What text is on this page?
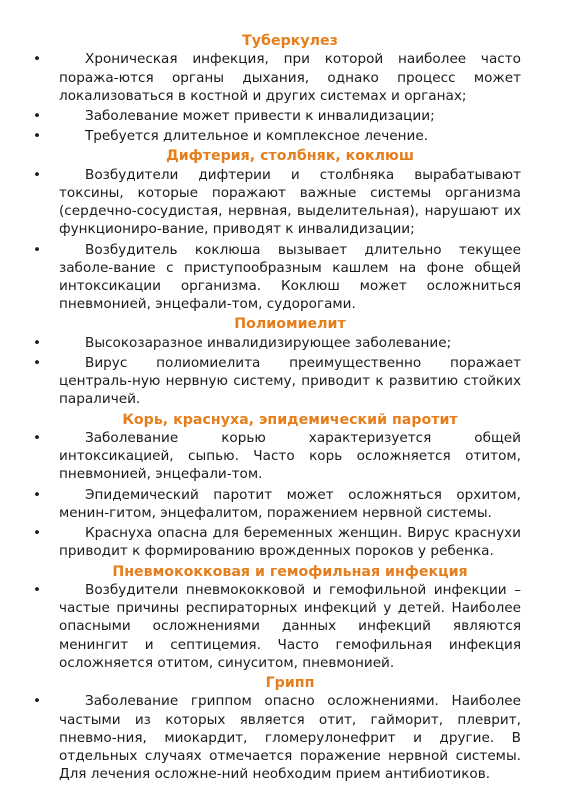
Туберкулез

•	Хроническая инфекция, при которой наиболее часто поража-ются органы дыхания, однако процесс может локализоваться в костной и других системах и органах;

•	Заболевание может привести к инвалидизации;

•	Требуется длительное и комплексное лечение.

Дифтерия, столбняк, коклюш

•	Возбудители дифтерии и столбняка вырабатывают токсины, которые поражают важные системы организма (сердечно-сосудистая, нервная, выделительная), нарушают их функциониро-вание, приводят к инвалидизации;

•	Возбудитель коклюша вызывает длительно текущее заболе-вание с приступообразным кашлем на фоне общей интоксикации организма. Коклюш может осложниться пневмонией, энцефали-том, судорогами.

Полиомиелит

•	Высокозаразное инвалидизирующее заболевание;

•	Вирус полиомиелита преимущественно поражает централь-ную нервную систему, приводит к развитию стойких параличей.

Корь, краснуха, эпидемический паротит

•	Заболевание корью характеризуется общей интоксикацией, сыпью. Часто корь осложняется отитом, пневмонией, энцефали-том.

•	Эпидемический паротит может осложняться орхитом, менин-гитом, энцефалитом, поражением нервной системы.

•	Краснуха опасна для беременных женщин. Вирус краснухи приводит к формированию врожденных пороков у ребенка.

Пневмококковая и гемофильная инфекция

•	Возбудители пневмококковой и гемофильной инфекции – частые причины респираторных инфекций у детей. Наиболее опасными осложнениями данных инфекций являются менингит и септицемия. Часто гемофильная инфекция осложняется отитом, синуситом, пневмонией.

Грипп

•	Заболевание гриппом опасно осложнениями. Наиболее частыми из которых является отит, гайморит, плеврит, пневмо-ния, миокардит, гломерулонефрит и другие. В отдельных случаях отмечается поражение нервной системы. Для лечения осложне-ний необходим прием антибиотиков.
